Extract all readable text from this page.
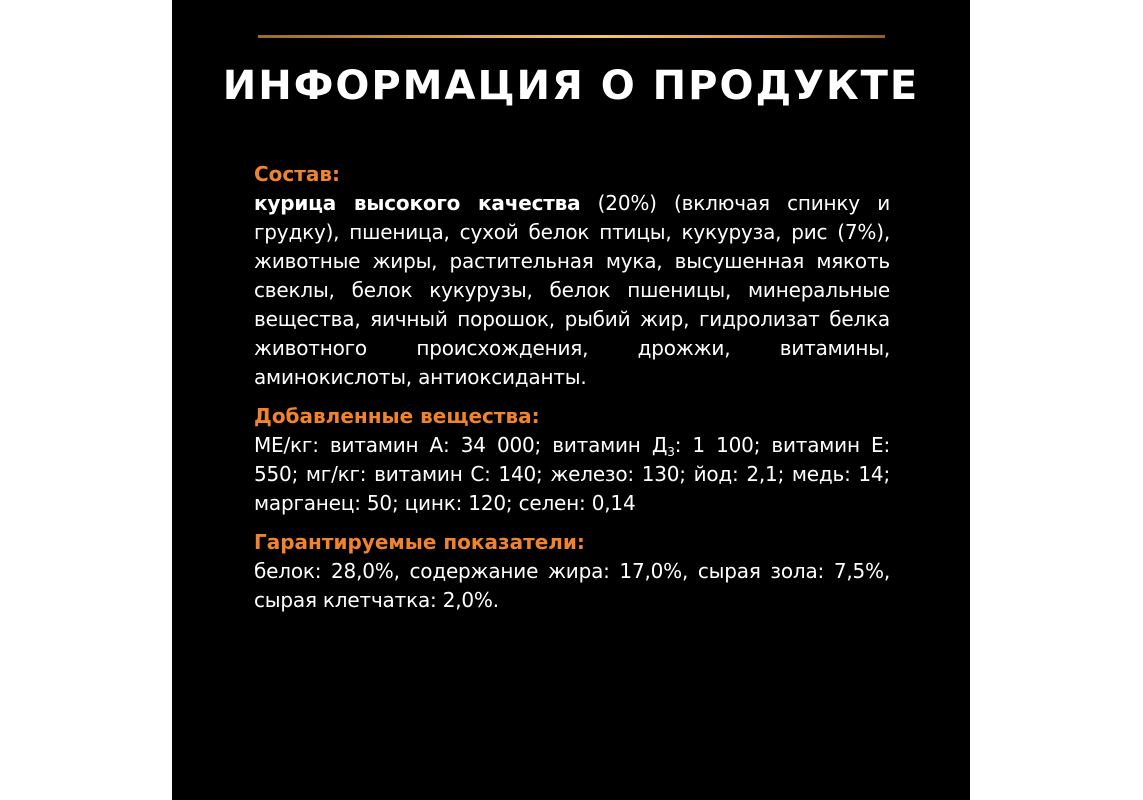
ИНФОРМАЦИЯ О ПРОДУКТЕ

Состав:

курица высокого качества (20%) (включая спинку и грудку), пшеница, сухой белок птицы, кукуруза, рис (7%), животные жиры, растительная мука, высушенная мякоть свеклы, белок кукурузы, белок пшеницы, минеральные вещества, яичный порошок, рыбий жир, гидролизат белка животного происхождения, дрожжи, витамины, аминокислоты, антиоксиданты.

Добавленные вещества:

МЕ/кг: витамин А: 34 000; витамин $Д_3$: 1 100; витамин Е: 550; мг/кг: витамин С: 140; железо: 130; йод: 2,1; медь: 14; марганец: 50; цинк: 120; селен: 0,14

Гарантируемые показатели:

белок: 28,0%, содержание жира: 17,0%, сырая зола: 7,5%, сырая клетчатка: 2,0%.
